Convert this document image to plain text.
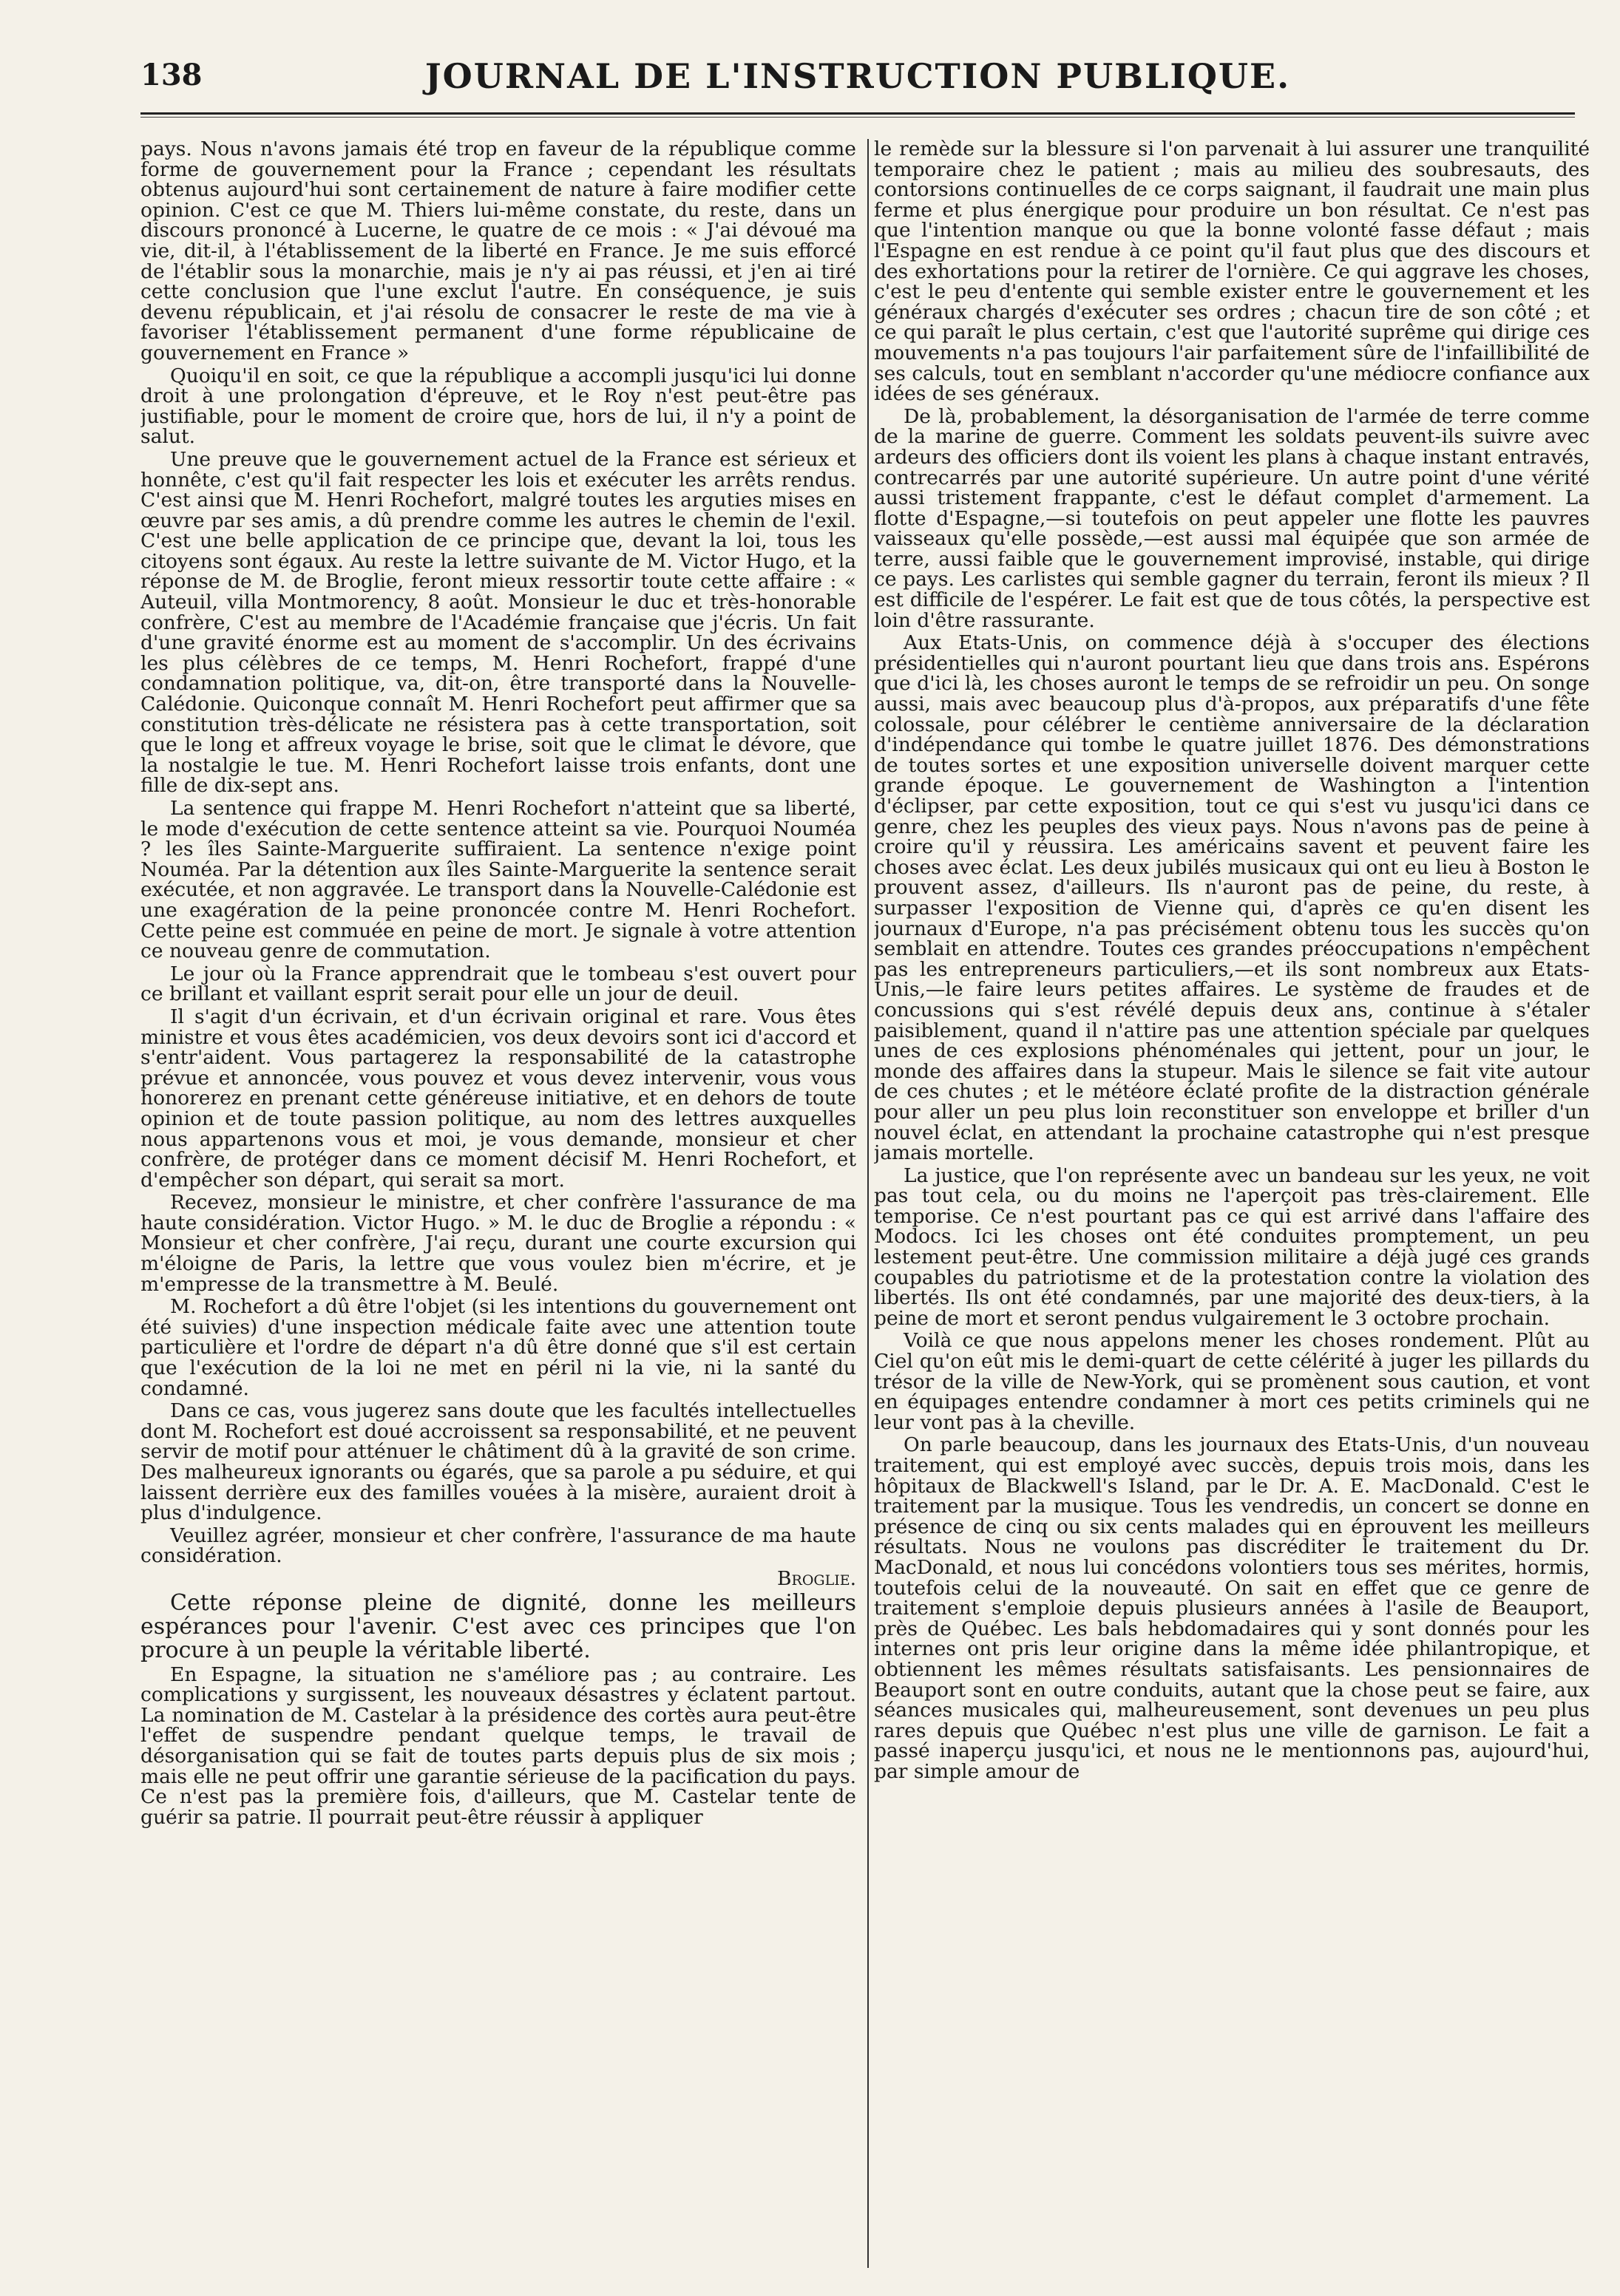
138	JOURNAL DE L'INSTRUCTION PUBLIQUE.

pays. Nous n'avons jamais été trop en faveur de la république comme forme de gouvernement pour la France ; cependant les résultats obtenus aujourd'hui sont certainement de nature à faire modifier cette opinion. C'est ce que M. Thiers lui-même constate, du reste, dans un discours prononcé à Lucerne, le quatre de ce mois : « J'ai dévoué ma vie, dit-il, à l'établissement de la liberté en France. Je me suis efforcé de l'établir sous la monarchie, mais je n'y ai pas réussi, et j'en ai tiré cette conclusion que l'une exclut l'autre. En conséquence, je suis devenu républicain, et j'ai résolu de consacrer le reste de ma vie à favoriser l'établissement permanent d'une forme républicaine de gouvernement en France »

Quoiqu'il en soit, ce que la république a accompli jusqu'ici lui donne droit à une prolongation d'épreuve, et le Roy n'est peut-être pas justifiable, pour le moment de croire que, hors de lui, il n'y a point de salut.

Une preuve que le gouvernement actuel de la France est sérieux et honnête, c'est qu'il fait respecter les lois et exécuter les arrêts rendus. C'est ainsi que M. Henri Rochefort, malgré toutes les arguties mises en œuvre par ses amis, a dû prendre comme les autres le chemin de l'exil. C'est une belle application de ce principe que, devant la loi, tous les citoyens sont égaux. Au reste la lettre suivante de M. Victor Hugo, et la réponse de M. de Broglie, feront mieux ressortir toute cette affaire : « Auteuil, villa Montmorency, 8 août. Monsieur le duc et très-honorable confrère, C'est au membre de l'Académie française que j'écris. Un fait d'une gravité énorme est au moment de s'accomplir. Un des écrivains les plus célèbres de ce temps, M. Henri Rochefort, frappé d'une condamnation politique, va, dit-on, être transporté dans la Nouvelle-Calédonie. Quiconque connaît M. Henri Rochefort peut affirmer que sa constitution très-délicate ne résistera pas à cette transportation, soit que le long et affreux voyage le brise, soit que le climat le dévore, que la nostalgie le tue. M. Henri Rochefort laisse trois enfants, dont une fille de dix-sept ans.

La sentence qui frappe M. Henri Rochefort n'atteint que sa liberté, le mode d'exécution de cette sentence atteint sa vie. Pourquoi Nouméa ? les îles Sainte-Marguerite suffiraient. La sentence n'exige point Nouméa. Par la détention aux îles Sainte-Marguerite la sentence serait exécutée, et non aggravée. Le transport dans la Nouvelle-Calédonie est une exagération de la peine prononcée contre M. Henri Rochefort. Cette peine est commuée en peine de mort. Je signale à votre attention ce nouveau genre de commutation.

Le jour où la France apprendrait que le tombeau s'est ouvert pour ce brillant et vaillant esprit serait pour elle un jour de deuil.

Il s'agit d'un écrivain, et d'un écrivain original et rare. Vous êtes ministre et vous êtes académicien, vos deux devoirs sont ici d'accord et s'entr'aident. Vous partagerez la responsabilité de la catastrophe prévue et annoncée, vous pouvez et vous devez intervenir, vous vous honorerez en prenant cette généreuse initiative, et en dehors de toute opinion et de toute passion politique, au nom des lettres auxquelles nous appartenons vous et moi, je vous demande, monsieur et cher confrère, de protéger dans ce moment décisif M. Henri Rochefort, et d'empêcher son départ, qui serait sa mort.

Recevez, monsieur le ministre, et cher confrère l'assurance de ma haute considération. Victor Hugo. » M. le duc de Broglie a répondu : « Monsieur et cher confrère, J'ai reçu, durant une courte excursion qui m'éloigne de Paris, la lettre que vous voulez bien m'écrire, et je m'empresse de la transmettre à M. Beulé.

M. Rochefort a dû être l'objet (si les intentions du gouvernement ont été suivies) d'une inspection médicale faite avec une attention toute particulière et l'ordre de départ n'a dû être donné que s'il est certain que l'exécution de la loi ne met en péril ni la vie, ni la santé du condamné.

Dans ce cas, vous jugerez sans doute que les facultés intellectuelles dont M. Rochefort est doué accroissent sa responsabilité, et ne peuvent servir de motif pour atténuer le châtiment dû à la gravité de son crime. Des malheureux ignorants ou égarés, que sa parole a pu séduire, et qui laissent derrière eux des familles vouées à la misère, auraient droit à plus d'indulgence.

Veuillez agréer, monsieur et cher confrère, l'assurance de ma haute considération.

Broglie.

Cette réponse pleine de dignité, donne les meilleurs espérances pour l'avenir. C'est avec ces principes que l'on procure à un peuple la véritable liberté.

En Espagne, la situation ne s'améliore pas ; au contraire. Les complications y surgissent, les nouveaux désastres y éclatent partout. La nomination de M. Castelar à la présidence des cortès aura peut-être l'effet de suspendre pendant quelque temps, le travail de désorganisation qui se fait de toutes parts depuis plus de six mois ; mais elle ne peut offrir une garantie sérieuse de la pacification du pays. Ce n'est pas la première fois, d'ailleurs, que M. Castelar tente de guérir sa patrie. Il pourrait peut-être réussir à appliquer

le remède sur la blessure si l'on parvenait à lui assurer une tranquilité temporaire chez le patient ; mais au milieu des soubresauts, des contorsions continuelles de ce corps saignant, il faudrait une main plus ferme et plus énergique pour produire un bon résultat. Ce n'est pas que l'intention manque ou que la bonne volonté fasse défaut ; mais l'Espagne en est rendue à ce point qu'il faut plus que des discours et des exhortations pour la retirer de l'ornière. Ce qui aggrave les choses, c'est le peu d'entente qui semble exister entre le gouvernement et les généraux chargés d'exécuter ses ordres ; chacun tire de son côté ; et ce qui paraît le plus certain, c'est que l'autorité suprême qui dirige ces mouvements n'a pas toujours l'air parfaitement sûre de l'infaillibilité de ses calculs, tout en semblant n'accorder qu'une médiocre confiance aux idées de ses généraux.

De là, probablement, la désorganisation de l'armée de terre comme de la marine de guerre. Comment les soldats peuvent-ils suivre avec ardeurs des officiers dont ils voient les plans à chaque instant entravés, contrecarrés par une autorité supérieure. Un autre point d'une vérité aussi tristement frappante, c'est le défaut complet d'armement. La flotte d'Espagne,—si toutefois on peut appeler une flotte les pauvres vaisseaux qu'elle possède,—est aussi mal équipée que son armée de terre, aussi faible que le gouvernement improvisé, instable, qui dirige ce pays. Les carlistes qui semble gagner du terrain, feront ils mieux ? Il est difficile de l'espérer. Le fait est que de tous côtés, la perspective est loin d'être rassurante.

Aux Etats-Unis, on commence déjà à s'occuper des élections présidentielles qui n'auront pourtant lieu que dans trois ans. Espérons que d'ici là, les choses auront le temps de se refroidir un peu. On songe aussi, mais avec beaucoup plus d'à-propos, aux préparatifs d'une fête colossale, pour célébrer le centième anniversaire de la déclaration d'indépendance qui tombe le quatre juillet 1876. Des démonstrations de toutes sortes et une exposition universelle doivent marquer cette grande époque. Le gouvernement de Washington a l'intention d'éclipser, par cette exposition, tout ce qui s'est vu jusqu'ici dans ce genre, chez les peuples des vieux pays. Nous n'avons pas de peine à croire qu'il y réussira. Les américains savent et peuvent faire les choses avec éclat. Les deux jubilés musicaux qui ont eu lieu à Boston le prouvent assez, d'ailleurs. Ils n'auront pas de peine, du reste, à surpasser l'exposition de Vienne qui, d'après ce qu'en disent les journaux d'Europe, n'a pas précisément obtenu tous les succès qu'on semblait en attendre. Toutes ces grandes préoccupations n'empêchent pas les entrepreneurs particuliers,—et ils sont nombreux aux Etats-Unis,—le faire leurs petites affaires. Le système de fraudes et de concussions qui s'est révélé depuis deux ans, continue à s'étaler paisiblement, quand il n'attire pas une attention spéciale par quelques unes de ces explosions phénoménales qui jettent, pour un jour, le monde des affaires dans la stupeur. Mais le silence se fait vite autour de ces chutes ; et le météore éclaté profite de la distraction générale pour aller un peu plus loin reconstituer son enveloppe et briller d'un nouvel éclat, en attendant la prochaine catastrophe qui n'est presque jamais mortelle.

La justice, que l'on représente avec un bandeau sur les yeux, ne voit pas tout cela, ou du moins ne l'aperçoit pas très-clairement. Elle temporise. Ce n'est pourtant pas ce qui est arrivé dans l'affaire des Modocs. Ici les choses ont été conduites promptement, un peu lestement peut-être. Une commission militaire a déjà jugé ces grands coupables du patriotisme et de la protestation contre la violation des libertés. Ils ont été condamnés, par une majorité des deux-tiers, à la peine de mort et seront pendus vulgairement le 3 octobre prochain.

Voilà ce que nous appelons mener les choses rondement. Plût au Ciel qu'on eût mis le demi-quart de cette célérité à juger les pillards du trésor de la ville de New-York, qui se promènent sous caution, et vont en équipages entendre condamner à mort ces petits criminels qui ne leur vont pas à la cheville.

On parle beaucoup, dans les journaux des Etats-Unis, d'un nouveau traitement, qui est employé avec succès, depuis trois mois, dans les hôpitaux de Blackwell's Island, par le Dr. A. E. MacDonald. C'est le traitement par la musique. Tous les vendredis, un concert se donne en présence de cinq ou six cents malades qui en éprouvent les meilleurs résultats. Nous ne voulons pas discréditer le traitement du Dr. MacDonald, et nous lui concédons volontiers tous ses mérites, hormis, toutefois celui de la nouveauté. On sait en effet que ce genre de traitement s'emploie depuis plusieurs années à l'asile de Beauport, près de Québec. Les bals hebdomadaires qui y sont donnés pour les internes ont pris leur origine dans la même idée philantropique, et obtiennent les mêmes résultats satisfaisants. Les pensionnaires de Beauport sont en outre conduits, autant que la chose peut se faire, aux séances musicales qui, malheureusement, sont devenues un peu plus rares depuis que Québec n'est plus une ville de garnison. Le fait a passé inaperçu jusqu'ici, et nous ne le mentionnons pas, aujourd'hui, par simple amour de
